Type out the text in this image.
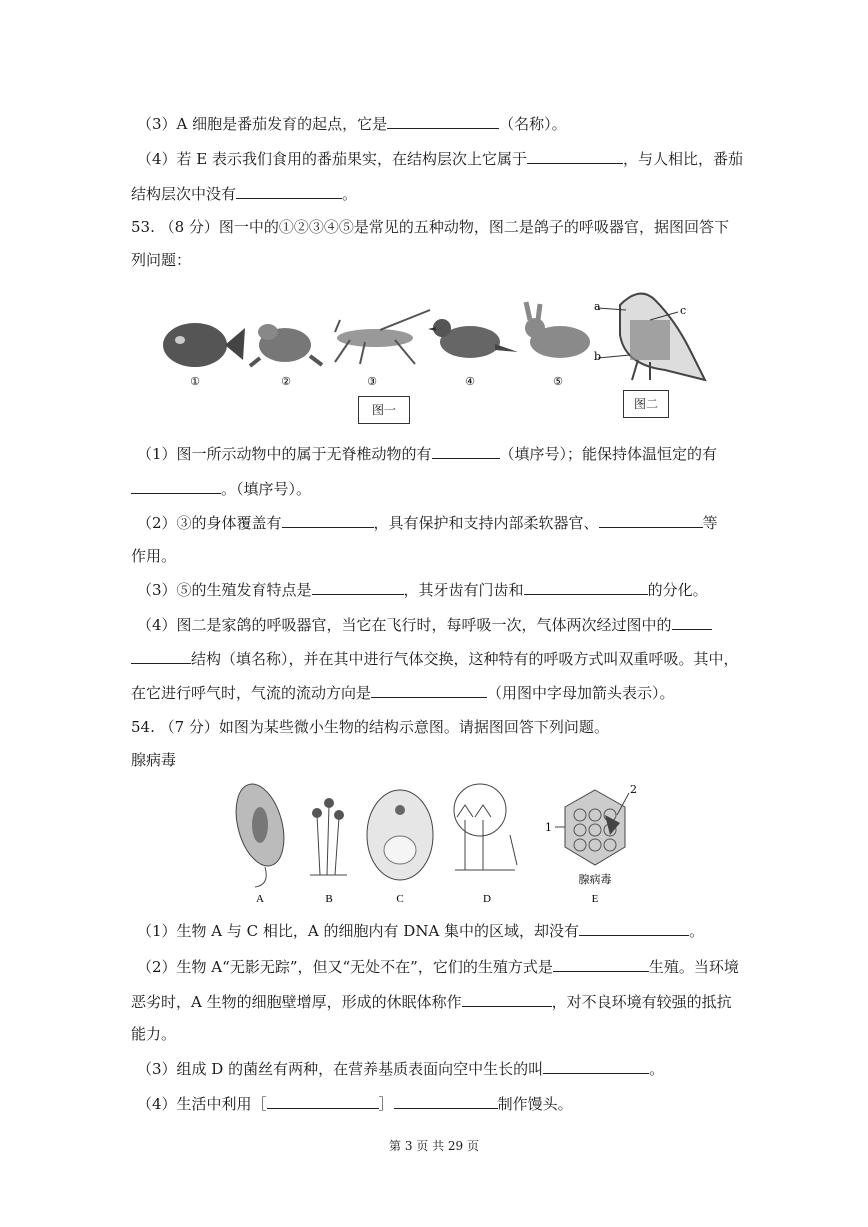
（3）A 细胞是番茄发育的起点，它是	（名称）。
（4）若 E 表示我们食用的番茄果实，在结构层次上它属于	，与人相比，番茄
结构层次中没有	。
53. （8 分）图一中的①②③④⑤是常见的五种动物，图二是鸽子的呼吸器官，据图回答下
列问题：
①	②	③	④	⑤
a
b
c
图一	图二
（1）图一所示动物中的属于无脊椎动物的有	（填序号）；能保持体温恒定的有
。（填序号）。
（2）③的身体覆盖有	，具有保护和支持内部柔软器官、	等
作用。
（3）⑤的生殖发育特点是	，其牙齿有门齿和	的分化。
（4）图二是家鸽的呼吸器官，当它在飞行时，每呼吸一次，气体两次经过图中的
结构（填名称），并在其中进行气体交换，这种特有的呼吸方式叫双重呼吸。其中，
在它进行呼气时，气流的流动方向是	（用图中字母加箭头表示）。
54. （7 分）如图为某些微小生物的结构示意图。请据图回答下列问题。
腺病毒
2
1
腺病毒
A	B	C	D	E
（1）生物 A 与 C 相比，A 的细胞内有 DNA 集中的区域，却没有	。
（2）生物 A“无影无踪”，但又“无处不在”，它们的生殖方式是	生殖。当环境
恶劣时，A 生物的细胞壁增厚，形成的休眠体称作	，对不良环境有较强的抵抗
能力。
（3）组成 D 的菌丝有两种，在营养基质表面向空中生长的叫	。
（4）生活中利用［	］	制作馒头。
第 3 页 共 29 页
